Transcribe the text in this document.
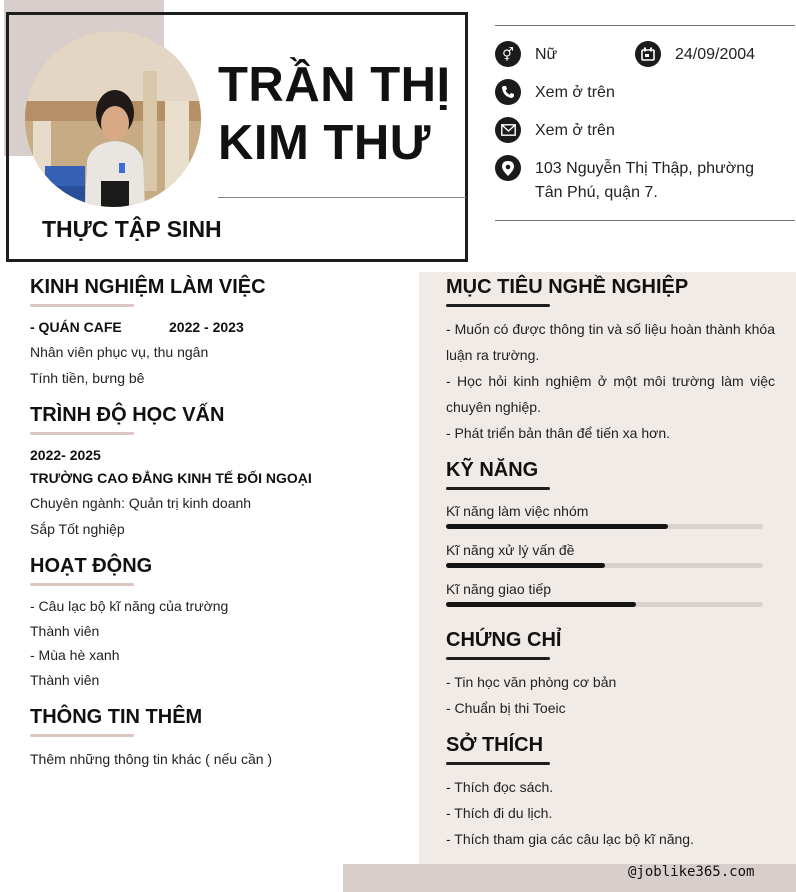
TRẦN THỊ
KIM THƯ
THỰC TẬP SINH
⚥	Nữ	24/09/2004
Xem ở trên
Xem ở trên
103 Nguyễn Thị Thập, phường
Tân Phú, quận 7.
KINH NGHIỆM LÀM VIỆC
- QUÁN CAFE	2022 - 2023
Nhân viên phục vụ, thu ngân
Tính tiền, bưng bê
TRÌNH ĐỘ HỌC VẤN
2022- 2025
TRƯỜNG CAO ĐẲNG KINH TẾ ĐỐI NGOẠI
Chuyên ngành: Quản trị kinh doanh
Sắp Tốt nghiệp
HOẠT ĐỘNG
- Câu lạc bộ kĩ năng của trường
Thành viên
- Mùa hè xanh
Thành viên
THÔNG TIN THÊM
Thêm những thông tin khác ( nếu cần )
MỤC TIÊU NGHỀ NGHIỆP
- Muốn có được thông tin và số liệu hoàn thành khóa luận ra trường.
- Học hỏi kinh nghiệm ở một môi trường làm việc chuyên nghiệp.
- Phát triển bản thân để tiến xa hơn.
KỸ NĂNG
Kĩ năng làm việc nhóm
Kĩ năng xử lý vấn đề
Kĩ năng giao tiếp
CHỨNG CHỈ
- Tin học văn phòng cơ bản
- Chuẩn bị thi Toeic
SỞ THÍCH
- Thích đọc sách.
- Thích đi du lịch.
- Thích tham gia các câu lạc bộ kĩ năng.
@joblike365.com
